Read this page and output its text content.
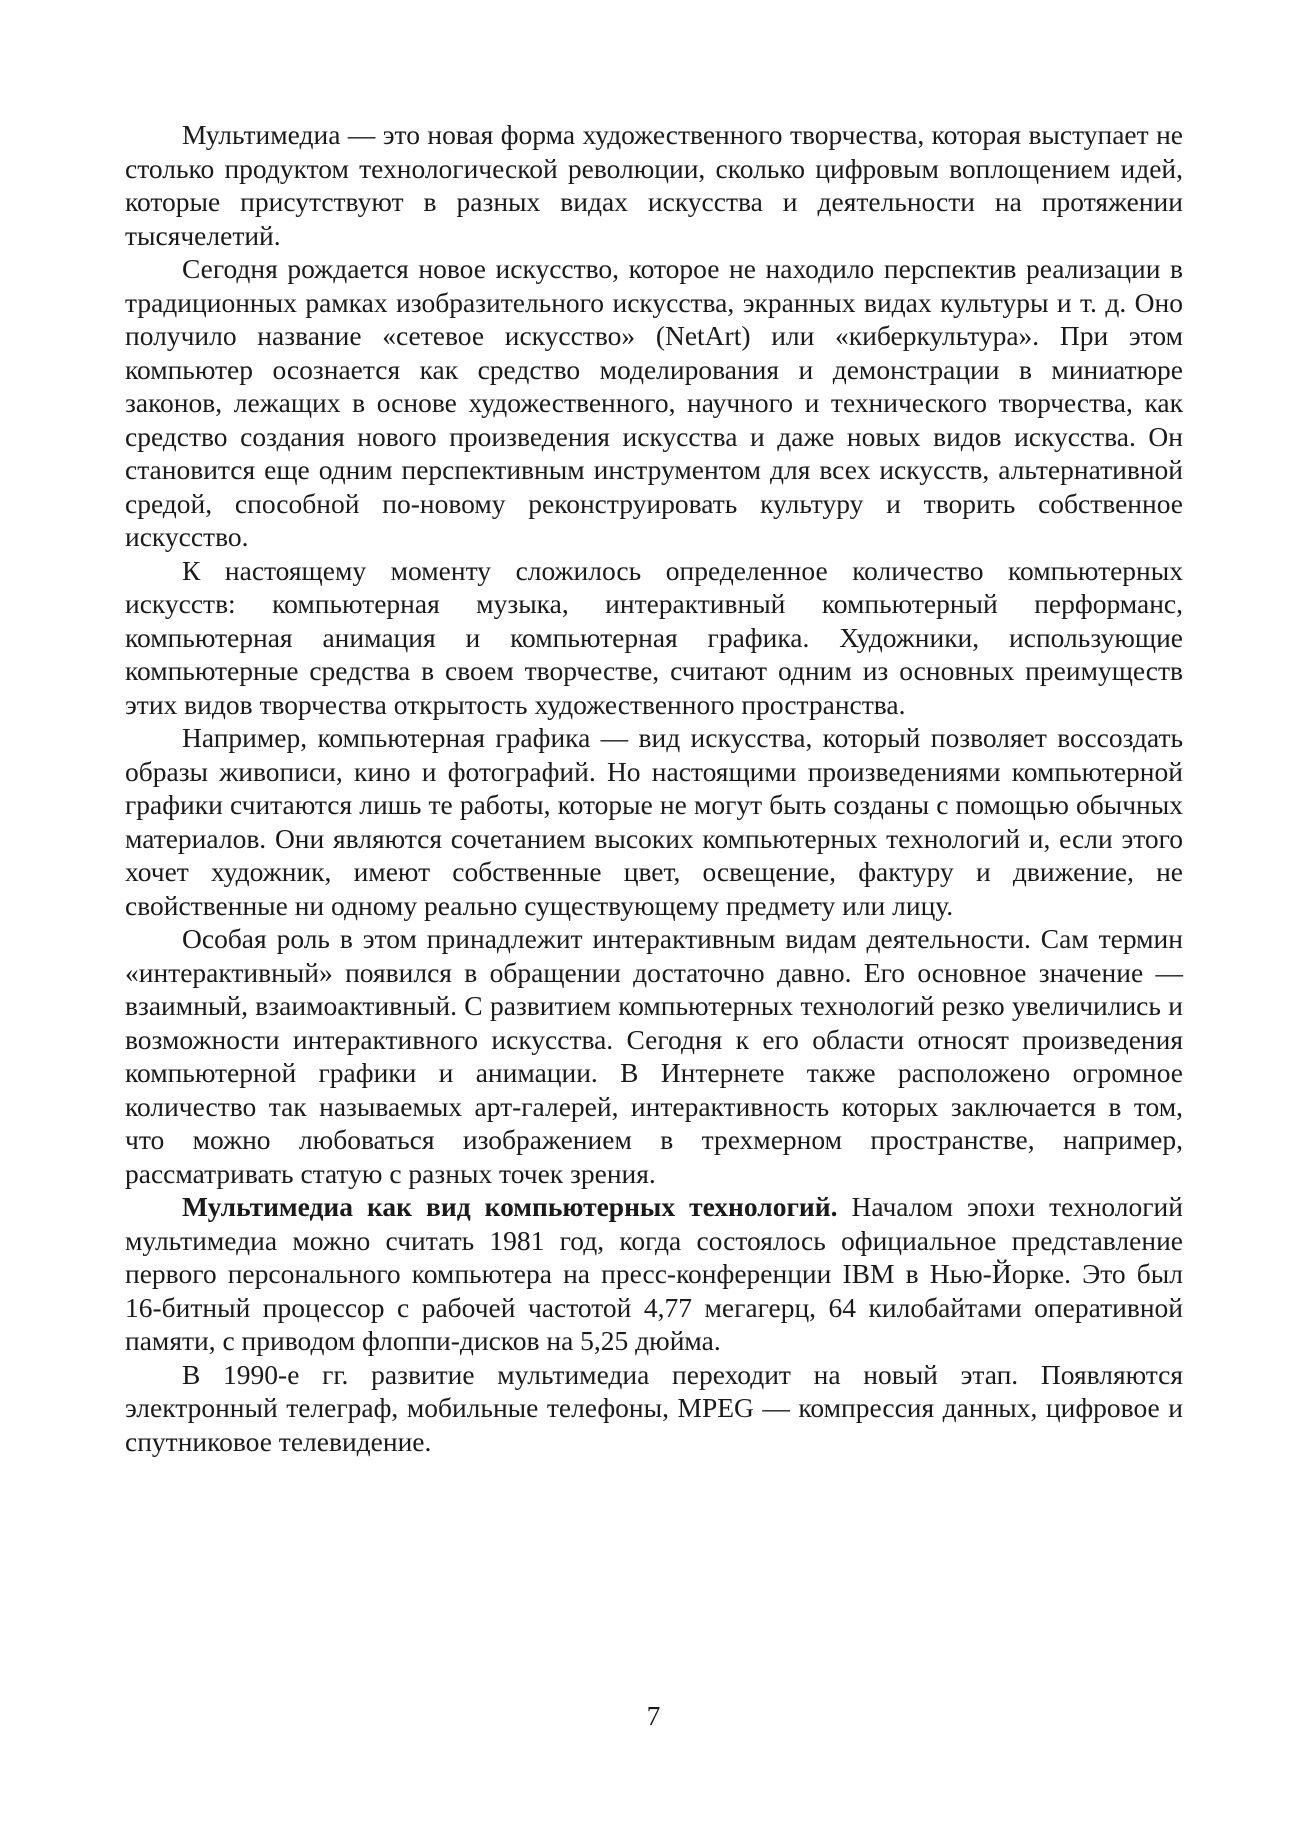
Мультимедиа — это новая форма художественного творчества, которая выступает не столько продуктом технологической революции, сколько цифровым воплощением идей, которые присутствуют в разных видах искусства и деятельности на протяжении тысячелетий.

Сегодня рождается новое искусство, которое не находило перспектив реализации в традиционных рамках изобразительного искусства, экранных видах культуры и т. д. Оно получило название «сетевое искусство» (NetArt) или «киберкультура». При этом компьютер осознается как средство моделирования и демонстрации в миниатюре законов, лежащих в основе художественного, научного и технического творчества, как средство создания нового произведения искусства и даже новых видов искусства. Он становится еще одним перспективным инструментом для всех искусств, альтернативной средой, способной по-новому реконструировать культуру и творить собственное искусство.

К настоящему моменту сложилось определенное количество компьютерных искусств: компьютерная музыка, интерактивный компьютерный перформанс, компьютерная анимация и компьютерная графика. Художники, использующие компьютерные средства в своем творчестве, считают одним из основных преимуществ этих видов творчества открытость художественного пространства.

Например, компьютерная графика — вид искусства, который позволяет воссоздать образы живописи, кино и фотографий. Но настоящими произведениями компьютерной графики считаются лишь те работы, которые не могут быть созданы с помощью обычных материалов. Они являются сочетанием высоких компьютерных технологий и, если этого хочет художник, имеют собственные цвет, освещение, фактуру и движение, не свойственные ни одному реально существующему предмету или лицу.

Особая роль в этом принадлежит интерактивным видам деятельности. Сам термин «интерактивный» появился в обращении достаточно давно. Его основное значение — взаимный, взаимоактивный. С развитием компьютерных технологий резко увеличились и возможности интерактивного искусства. Сегодня к его области относят произведения компьютерной графики и анимации. В Интернете также расположено огромное количество так называемых арт-галерей, интерактивность которых заключается в том, что можно любоваться изображением в трехмерном пространстве, например, рассматривать статую с разных точек зрения.

Мультимедиа как вид компьютерных технологий. Началом эпохи технологий мультимедиа можно считать 1981 год, когда состоялось официальное представление первого персонального компьютера на пресс-конференции IBM в Нью-Йорке. Это был 16-битный процессор с рабочей частотой 4,77 мегагерц, 64 килобайтами оперативной памяти, с приводом флоппи-дисков на 5,25 дюйма.

В 1990-е гг. развитие мультимедиа переходит на новый этап. Появляются электронный телеграф, мобильные телефоны, MPEG — компрессия данных, цифровое и спутниковое телевидение.

7
